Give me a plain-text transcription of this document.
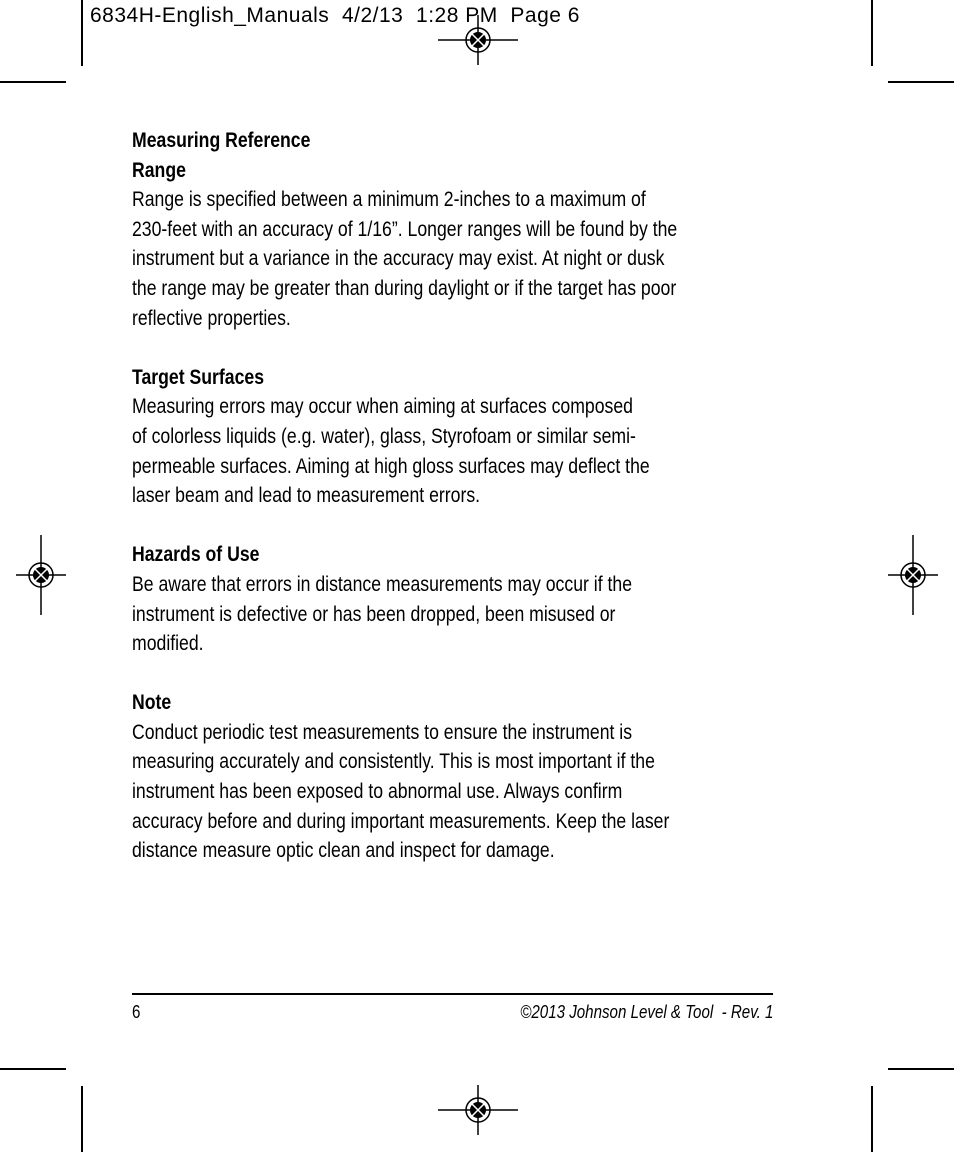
6834H-English_Manuals  4/2/13  1:28 PM  Page 6
Measuring Reference
Range
Range is specified between a minimum 2-inches to a maximum of
230-feet with an accuracy of 1/16”. Longer ranges will be found by the
instrument but a variance in the accuracy may exist. At night or dusk
the range may be greater than during daylight or if the target has poor
reflective properties.
Target Surfaces
Measuring errors may occur when aiming at surfaces composed
of colorless liquids (e.g. water), glass, Styrofoam or similar semi-
permeable surfaces. Aiming at high gloss surfaces may deflect the
laser beam and lead to measurement errors.
Hazards of Use
Be aware that errors in distance measurements may occur if the
instrument is defective or has been dropped, been misused or
modified.
Note
Conduct periodic test measurements to ensure the instrument is
measuring accurately and consistently. This is most important if the
instrument has been exposed to abnormal use. Always confirm
accuracy before and during important measurements. Keep the laser
distance measure optic clean and inspect for damage.
6	©2013 Johnson Level & Tool  - Rev. 1
